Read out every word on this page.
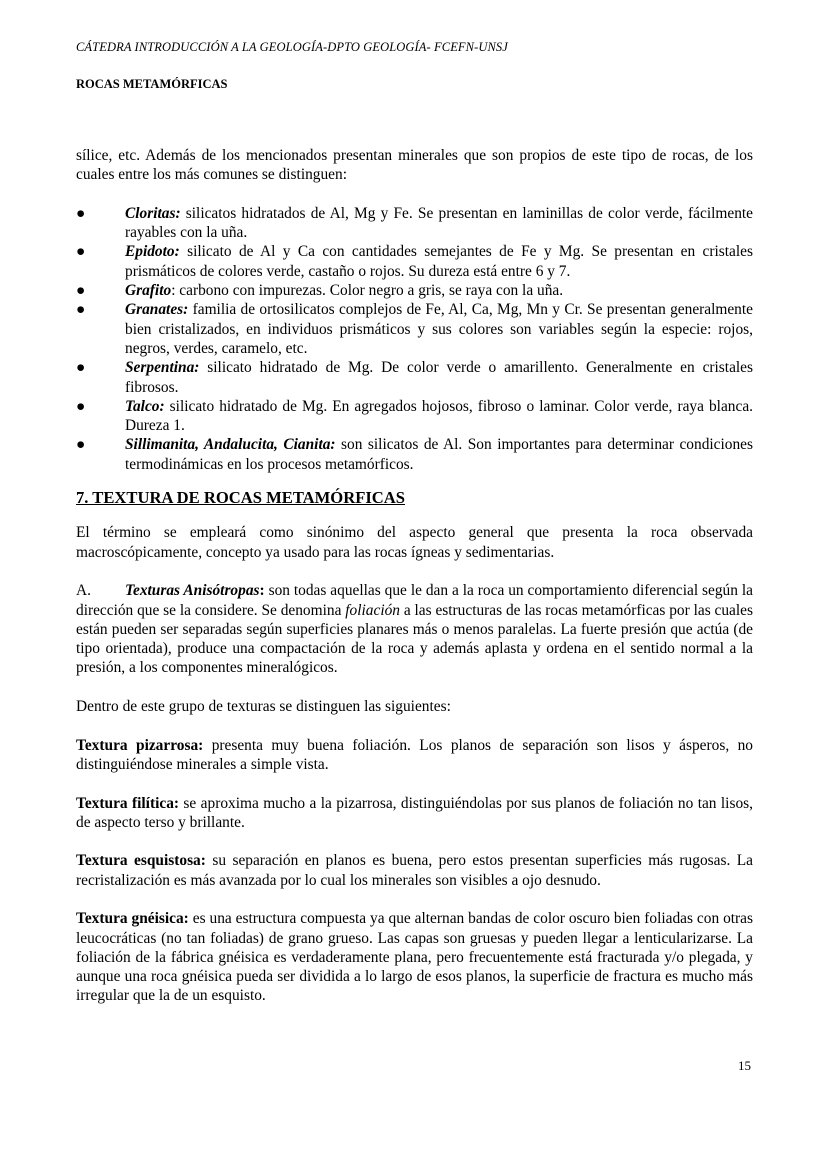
CÁTEDRA INTRODUCCIÓN A LA GEOLOGÍA-DPTO GEOLOGÍA- FCEFN-UNSJ
ROCAS METAMÓRFICAS

sílice, etc. Además de los mencionados presentan minerales que son propios de este tipo de rocas, de los cuales entre los más comunes se distinguen:

●	Cloritas: silicatos hidratados de Al, Mg y Fe. Se presentan en laminillas de color verde, fácilmente rayables con la uña.

●	Epidoto: silicato de Al y Ca con cantidades semejantes de Fe y Mg. Se presentan en cristales prismáticos de colores verde, castaño o rojos. Su dureza está entre 6 y 7.

●	Grafito: carbono con impurezas. Color negro a gris, se raya con la uña.

●	Granates: familia de ortosilicatos complejos de Fe, Al, Ca, Mg, Mn y Cr. Se presentan generalmente bien cristalizados, en individuos prismáticos y sus colores son variables según la especie: rojos, negros, verdes, caramelo, etc.

●	Serpentina: silicato hidratado de Mg. De color verde o amarillento. Generalmente en cristales fibrosos.

●	Talco: silicato hidratado de Mg. En agregados hojosos, fibroso o laminar. Color verde, raya blanca. Dureza 1.

●	Sillimanita, Andalucita, Cianita: son silicatos de Al. Son importantes para determinar condiciones termodinámicas en los procesos metamórficos.

7. TEXTURA DE ROCAS METAMÓRFICAS

El término se empleará como sinónimo del aspecto general que presenta la roca observada macroscópicamente, concepto ya usado para las rocas ígneas y sedimentarias.

A. Texturas Anisótropas: son todas aquellas que le dan a la roca un comportamiento diferencial según la dirección que se la considere. Se denomina foliación a las estructuras de las rocas metamórficas por las cuales están pueden ser separadas según superficies planares más o menos paralelas. La fuerte presión que actúa (de tipo orientada), produce una compactación de la roca y además aplasta y ordena en el sentido normal a la presión, a los componentes mineralógicos.

Dentro de este grupo de texturas se distinguen las siguientes:

Textura pizarrosa: presenta muy buena foliación. Los planos de separación son lisos y ásperos, no distinguiéndose minerales a simple vista.

Textura filítica: se aproxima mucho a la pizarrosa, distinguiéndolas por sus planos de foliación no tan lisos, de aspecto terso y brillante.

Textura esquistosa: su separación en planos es buena, pero estos presentan superficies más rugosas. La recristalización es más avanzada por lo cual los minerales son visibles a ojo desnudo.

Textura gnéisica: es una estructura compuesta ya que alternan bandas de color oscuro bien foliadas con otras leucocráticas (no tan foliadas) de grano grueso. Las capas son gruesas y pueden llegar a lenticularizarse. La foliación de la fábrica gnéisica es verdaderamente plana, pero frecuentemente está fracturada y/o plegada, y aunque una roca gnéisica pueda ser dividida a lo largo de esos planos, la superficie de fractura es mucho más irregular que la de un esquisto.

15
